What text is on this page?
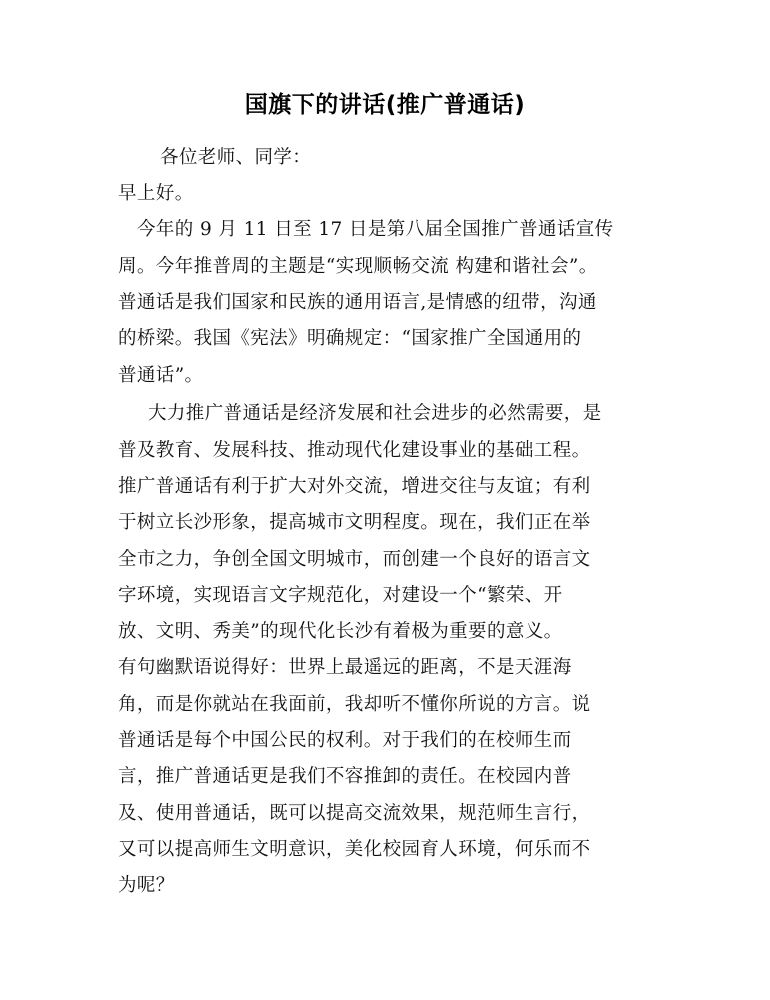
国旗下的讲话(推广普通话)
各位老师、同学：
早上好。
今年的 9 月 11 日至 17 日是第八届全国推广普通话宣传
周。今年推普周的主题是“实现顺畅交流 构建和谐社会”。
普通话是我们国家和民族的通用语言,是情感的纽带，沟通
的桥梁。我国《宪法》明确规定：“国家推广全国通用的
普通话”。
大力推广普通话是经济发展和社会进步的必然需要，是
普及教育、发展科技、推动现代化建设事业的基础工程。
推广普通话有利于扩大对外交流，增进交往与友谊；有利
于树立长沙形象，提高城市文明程度。现在，我们正在举
全市之力，争创全国文明城市，而创建一个良好的语言文
字环境，实现语言文字规范化，对建设一个“繁荣、开
放、文明、秀美”的现代化长沙有着极为重要的意义。
有句幽默语说得好：世界上最遥远的距离，不是天涯海
角，而是你就站在我面前，我却听不懂你所说的方言。说
普通话是每个中国公民的权利。对于我们的在校师生而
言，推广普通话更是我们不容推卸的责任。在校园内普
及、使用普通话，既可以提高交流效果，规范师生言行，
又可以提高师生文明意识，美化校园育人环境，何乐而不
为呢？
